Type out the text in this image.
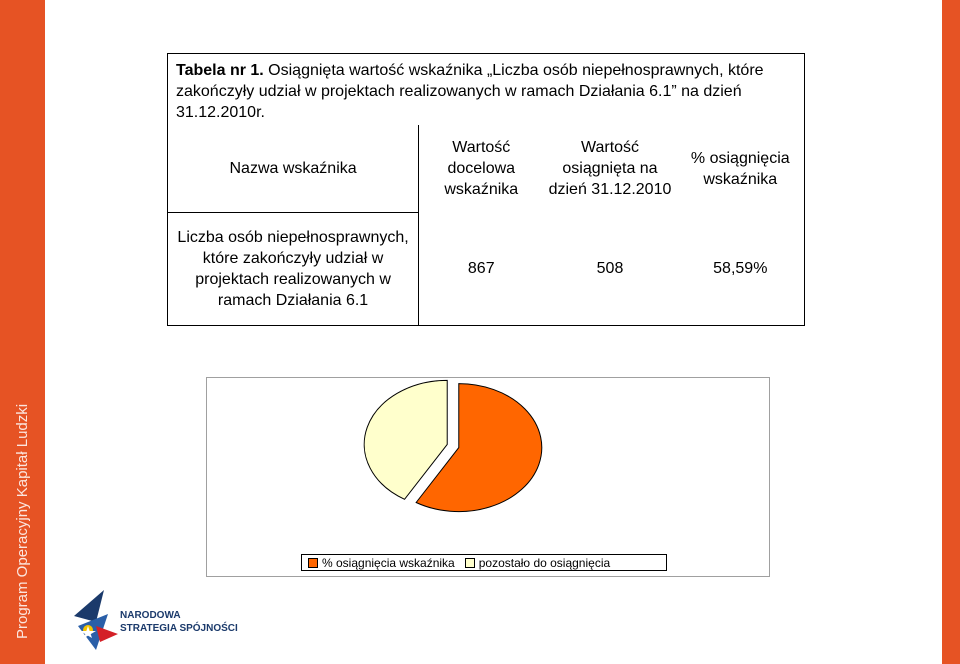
Program Operacyjny Kapitał Ludzki
Tabela nr 1. Osiągnięta wartość wskaźnika „Liczba osób niepełnosprawnych, które zakończyły udział w projektach realizowanych w ramach Działania 6.1” na dzień 31.12.2010r.
Nazwa wskaźnika	Wartość docelowa wskaźnika	Wartość osiągnięta na dzień 31.12.2010	% osiągnięcia wskaźnika
Liczba osób niepełnosprawnych, które zakończyły udział w projektach realizowanych w ramach Działania 6.1	867	508	58,59%
% osiągnięcia wskaźnika pozostało do osiągnięcia
NARODOWA
STRATEGIA SPÓJNOŚCI
